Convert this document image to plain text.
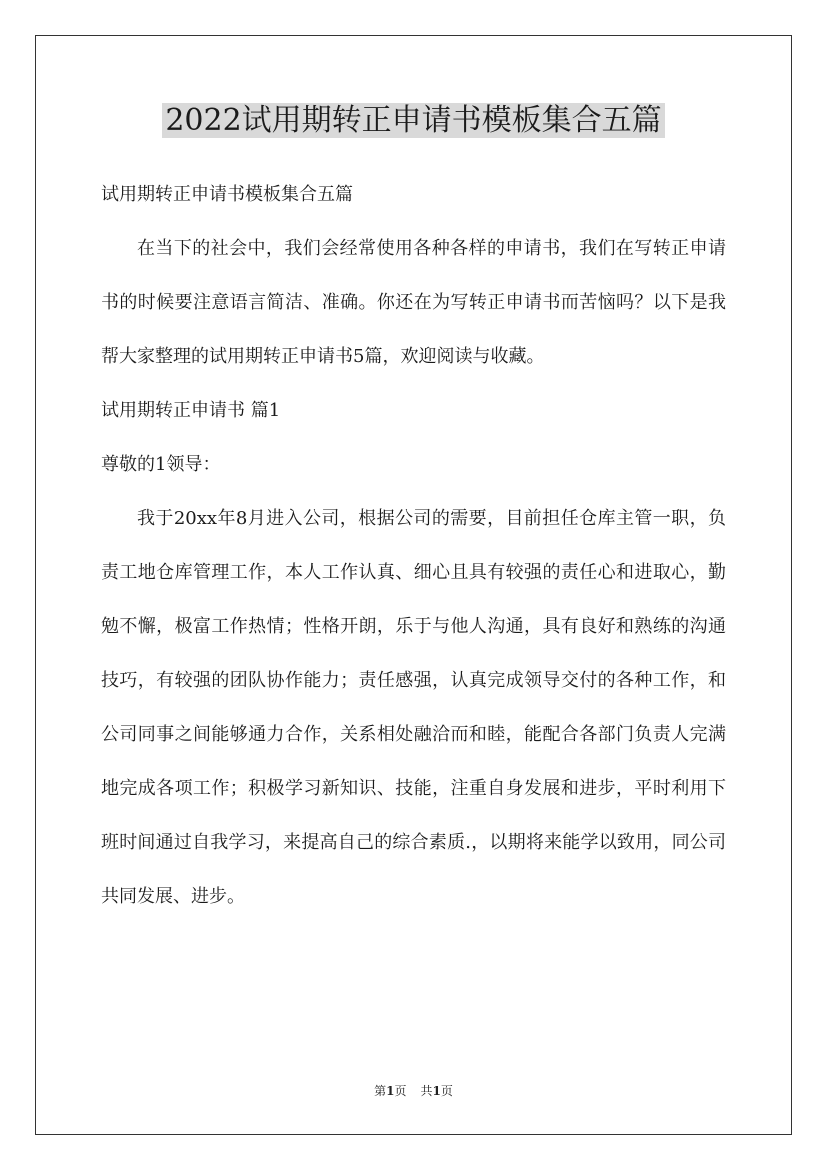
2022试用期转正申请书模板集合五篇

试用期转正申请书模板集合五篇

在当下的社会中，我们会经常使用各种各样的申请书，我们在写转正申请书的时候要注意语言简洁、准确。你还在为写转正申请书而苦恼吗？以下是我帮大家整理的试用期转正申请书5篇，欢迎阅读与收藏。

试用期转正申请书 篇1

尊敬的1领导：

我于20xx年8月进入公司，根据公司的需要，目前担任仓库主管一职，负责工地仓库管理工作，本人工作认真、细心且具有较强的责任心和进取心，勤勉不懈，极富工作热情；性格开朗，乐于与他人沟通，具有良好和熟练的沟通技巧，有较强的团队协作能力；责任感强，认真完成领导交付的各种工作，和公司同事之间能够通力合作，关系相处融洽而和睦，能配合各部门负责人完满地完成各项工作；积极学习新知识、技能，注重自身发展和进步，平时利用下班时间通过自我学习，来提高自己的综合素质.，以期将来能学以致用，同公司共同发展、进步。

第1页 共1页
